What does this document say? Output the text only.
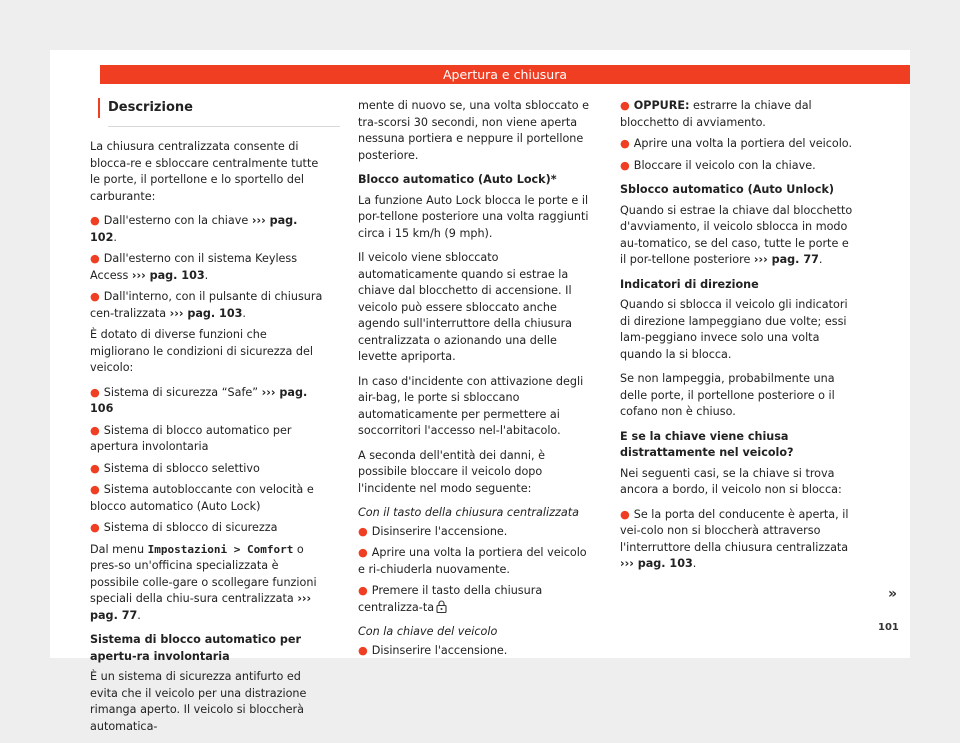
Apertura e chiusura
Descrizione

La chiusura centralizzata consente di blocca-re e sbloccare centralmente tutte le porte, il portellone e lo sportello del carburante:

● Dall'esterno con la chiave ››› pag. 102.
● Dall'esterno con il sistema Keyless Access ››› pag. 103.
● Dall'interno, con il pulsante di chiusura cen-tralizzata ››› pag. 103.

È dotato di diverse funzioni che migliorano le condizioni di sicurezza del veicolo:

● Sistema di sicurezza “Safe” ››› pag. 106
● Sistema di blocco automatico per apertura involontaria
● Sistema di sblocco selettivo
● Sistema autobloccante con velocità e blocco automatico (Auto Lock)
● Sistema di sblocco di sicurezza

Dal menu Impostazioni > Comfort o pres-so un'officina specializzata è possibile colle-gare o scollegare funzioni speciali della chiu-sura centralizzata ››› pag. 77.

Sistema di blocco automatico per apertu-ra involontaria

È un sistema di sicurezza antifurto ed evita che il veicolo per una distrazione rimanga aperto. Il veicolo si bloccherà automatica-

mente di nuovo se, una volta sbloccato e tra-scorsi 30 secondi, non viene aperta nessuna portiera e neppure il portellone posteriore.

Blocco automatico (Auto Lock)*

La funzione Auto Lock blocca le porte e il por-tellone posteriore una volta raggiunti circa i 15 km/h (9 mph).

Il veicolo viene sbloccato automaticamente quando si estrae la chiave dal blocchetto di accensione. Il veicolo può essere sbloccato anche agendo sull'interruttore della chiusura centralizzata o azionando una delle levette apriporta.

In caso d'incidente con attivazione degli air-bag, le porte si sbloccano automaticamente per permettere ai soccorritori l'accesso nel-l'abitacolo.

A seconda dell'entità dei danni, è possibile bloccare il veicolo dopo l'incidente nel modo seguente:

Con il tasto della chiusura centralizzata

● Disinserire l'accensione.
● Aprire una volta la portiera del veicolo e ri-chiuderla nuovamente.
● Premere il tasto della chiusura centralizza-ta

Con la chiave del veicolo

● Disinserire l'accensione.
● OPPURE: estrarre la chiave dal blocchetto di avviamento.
● Aprire una volta la portiera del veicolo.
● Bloccare il veicolo con la chiave.

Sblocco automatico (Auto Unlock)

Quando si estrae la chiave dal blocchetto d'avviamento, il veicolo sblocca in modo au-tomatico, se del caso, tutte le porte e il por-tellone posteriore ››› pag. 77.

Indicatori di direzione

Quando si sblocca il veicolo gli indicatori di direzione lampeggiano due volte; essi lam-peggiano invece solo una volta quando la si blocca.

Se non lampeggia, probabilmente una delle porte, il portellone posteriore o il cofano non è chiuso.

E se la chiave viene chiusa distrattamente nel veicolo?

Nei seguenti casi, se la chiave si trova ancora a bordo, il veicolo non si blocca:

● Se la porta del conducente è aperta, il vei-colo non si bloccherà attraverso l'interruttore della chiusura centralizzata ››› pag. 103.
»
101
